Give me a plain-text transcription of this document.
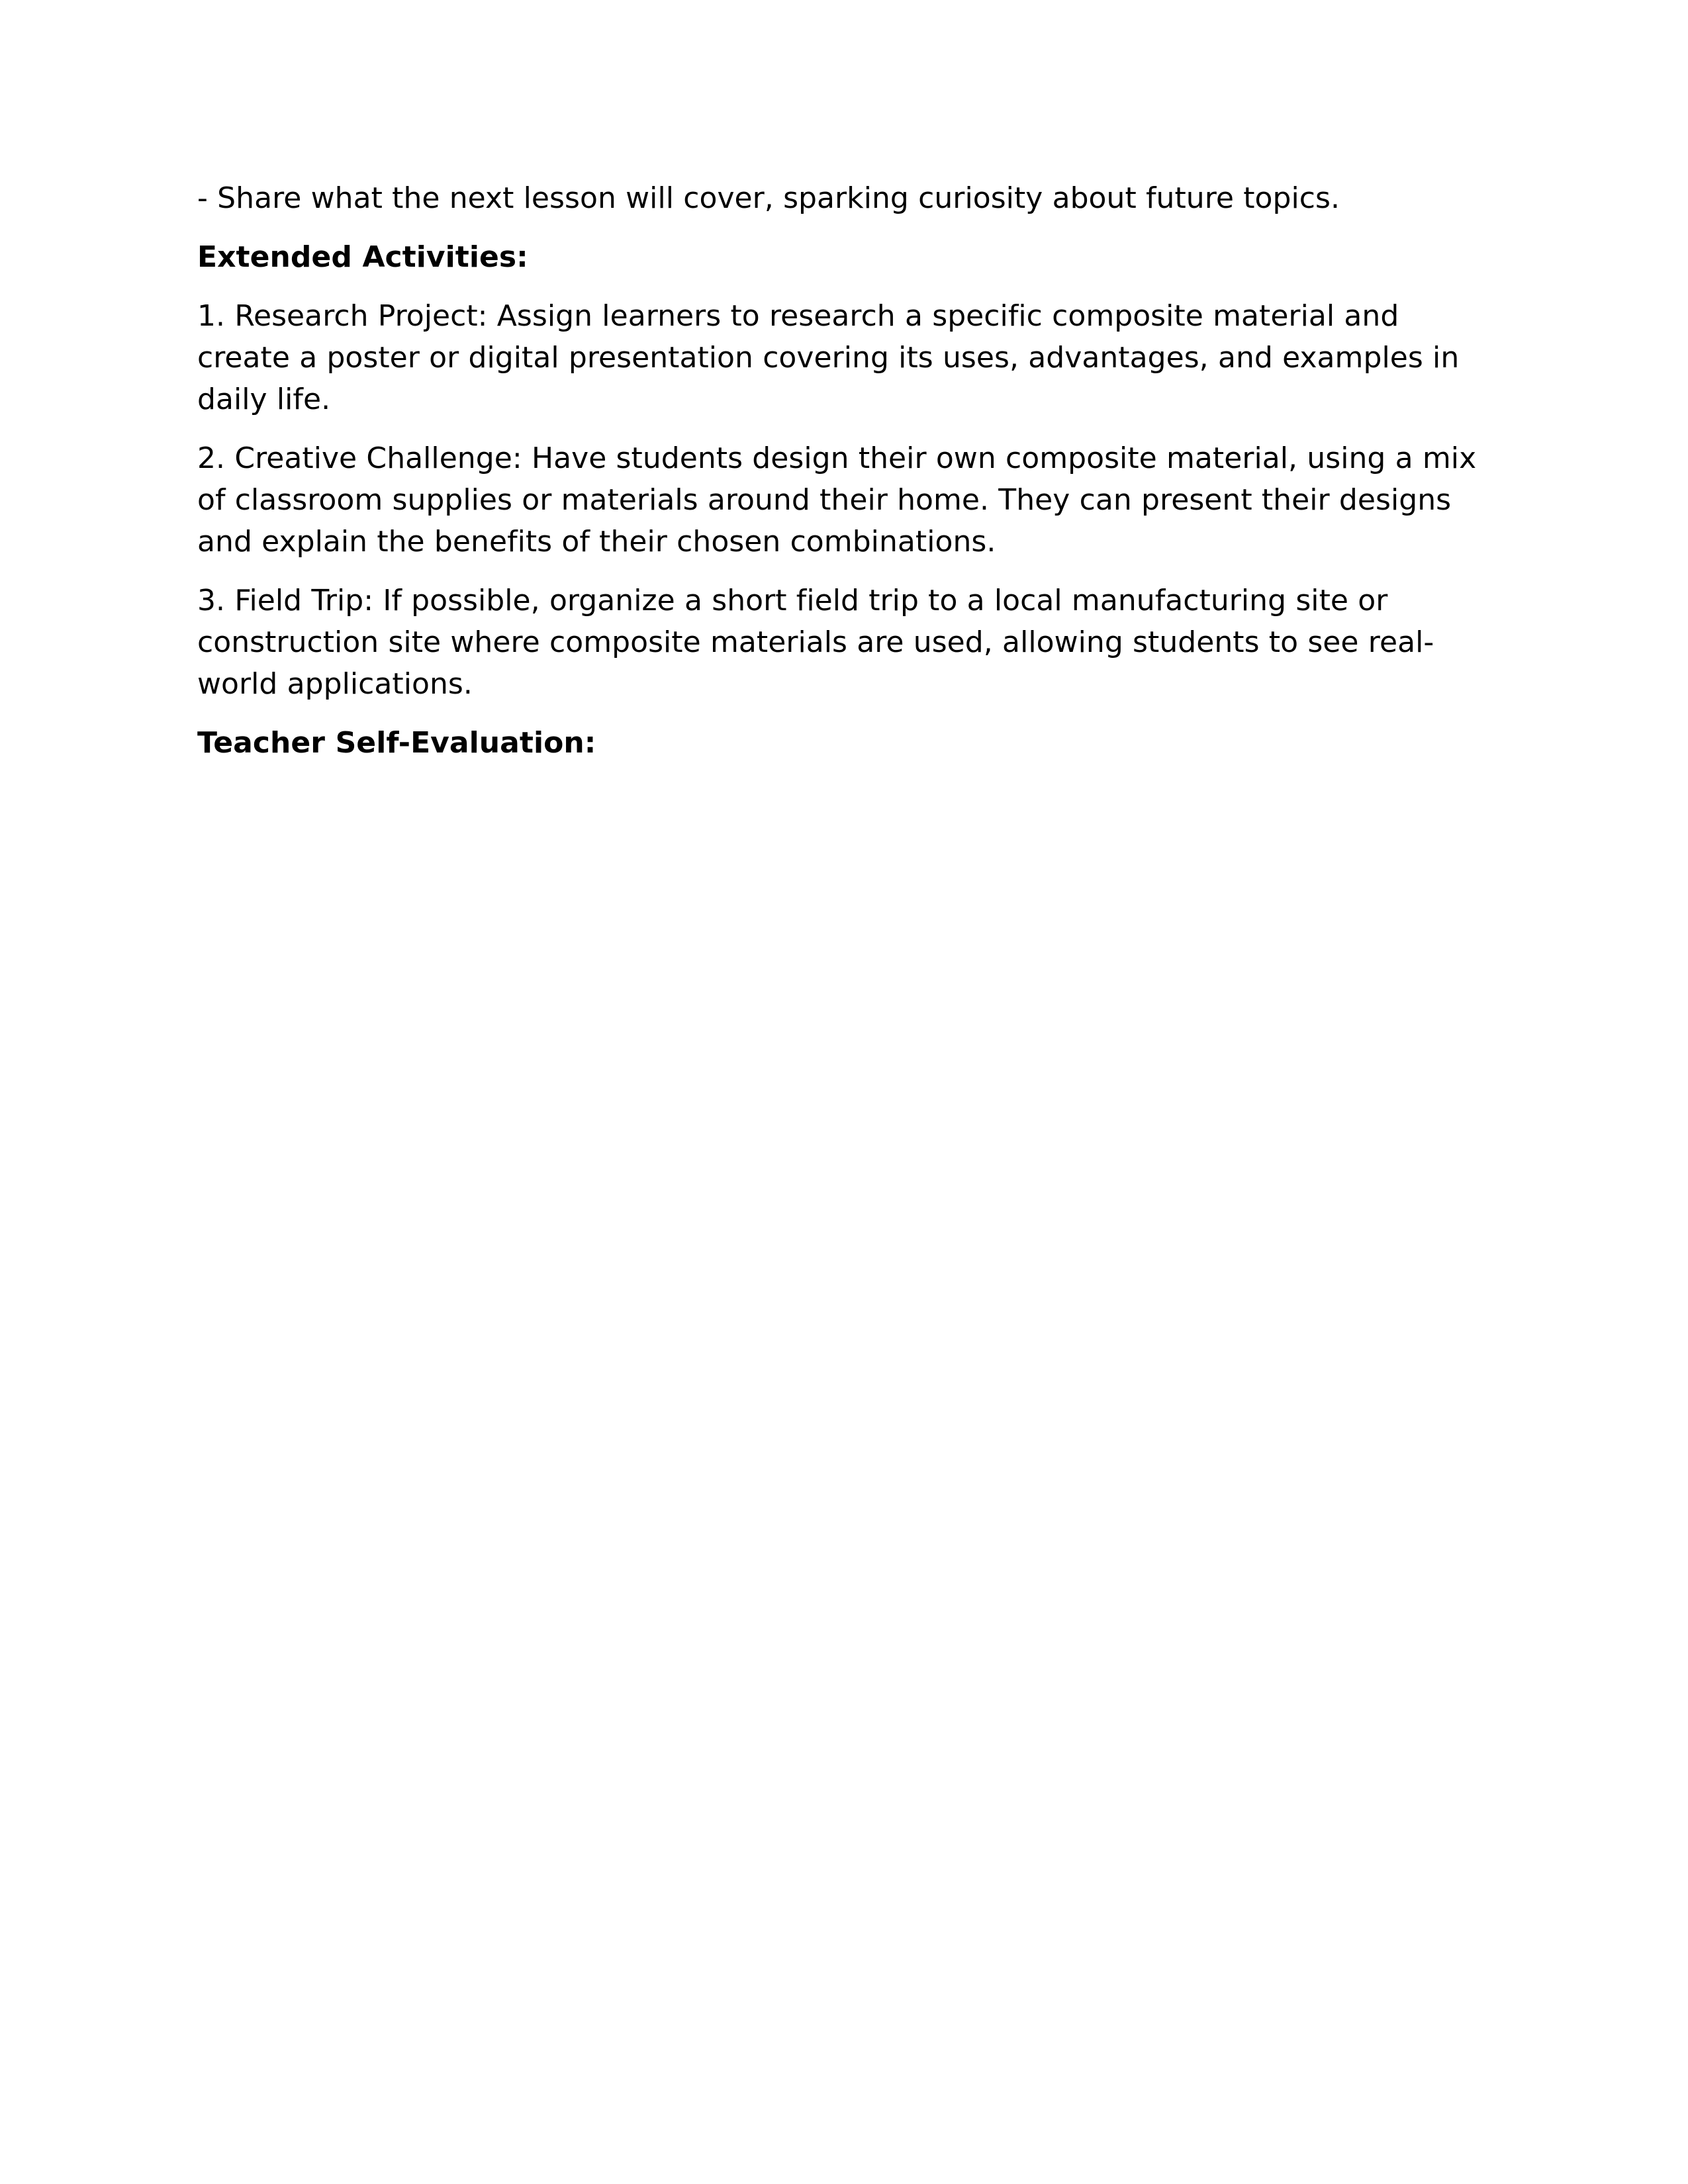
- Share what the next lesson will cover, sparking curiosity about future topics.

Extended Activities:

1. Research Project: Assign learners to research a specific composite material and create a poster or digital presentation covering its uses, advantages, and examples in daily life.

2. Creative Challenge: Have students design their own composite material, using a mix of classroom supplies or materials around their home. They can present their designs and explain the benefits of their chosen combinations.

3. Field Trip: If possible, organize a short field trip to a local manufacturing site or construction site where composite materials are used, allowing students to see real-world applications.

Teacher Self-Evaluation:
